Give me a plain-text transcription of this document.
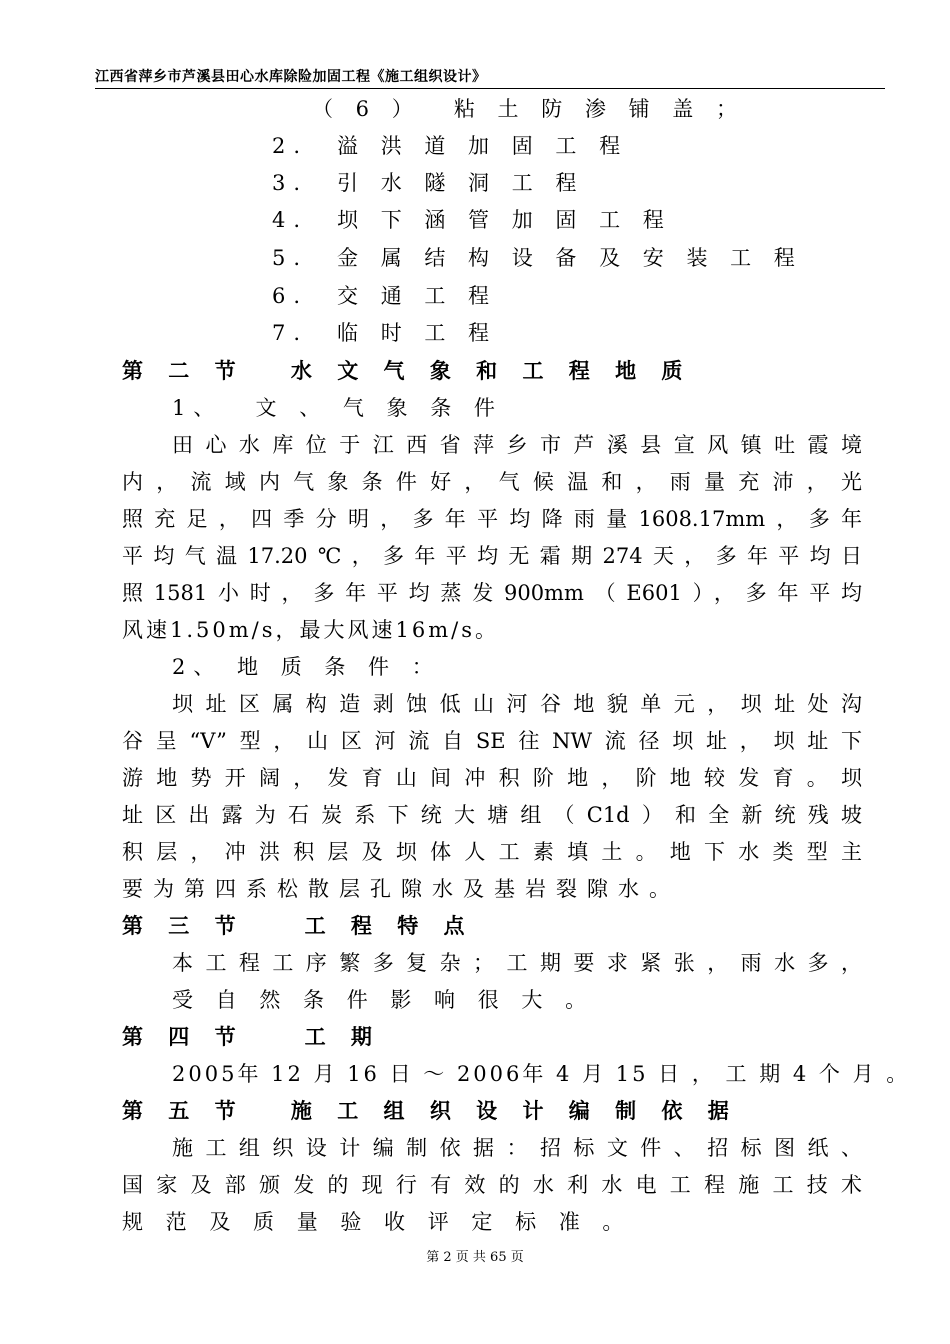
江西省萍乡市芦溪县田心水库除险加固工程《施工组织设计》
（ 6 ）　 粘 土 防 渗 铺 盖 ；
2.　溢 洪 道 加 固 工 程
3.　引 水 隧 洞 工 程
4.　坝 下 涵 管 加 固 工 程
5.　金 属 结 构 设 备 及 安 装 工 程
6.　交 通 工 程
7.　临 时 工 程
第 二 节　 水 文 气 象 和 工 程 地 质
1、　 文 、 气 象 条 件
田心水库位于江西省萍乡市芦溪县宣风镇吐霞境
内，流域内气象条件好，气候温和，雨量充沛，光
照充足，四季分明，多年平均降雨量1608.17mm，多年
平均气温17.20℃，多年平均无霜期274天，多年平均日
照1581小时，多年平均蒸发900mm（E601），多年平均
风速1.50m/s，最大风速16m/s。
2、 地 质 条 件 ：
坝址区属构造剥蚀低山河谷地貌单元，坝址处沟
谷呈“V”型，山区河流自SE往NW流径坝址，坝址下
游地势开阔，发育山间冲积阶地，阶地较发育。坝
址区出露为石炭系下统大塘组（C1d）和全新统残坡
积层，冲洪积层及坝体人工素填土。地下水类型主
要为第四系松散层孔隙水及基岩裂隙水。
第 三 节　　工 程 特 点
本工程工序繁多复杂；工期要求紧张，雨水多，
受 自 然 条 件 影 响 很 大 。
第 四 节　　工 期
2005年 12 月 16 日 ～ 2006年 4 月 15 日 ， 工 期 4 个 月 。
第 五 节　 施 工 组 织 设 计 编 制 依 据
施工组织设计编制依据：招标文件、招标图纸、
国家及部颁发的现行有效的水利水电工程施工技术
规 范 及 质 量 验 收 评 定 标 准 。
第 2 页 共 65 页
